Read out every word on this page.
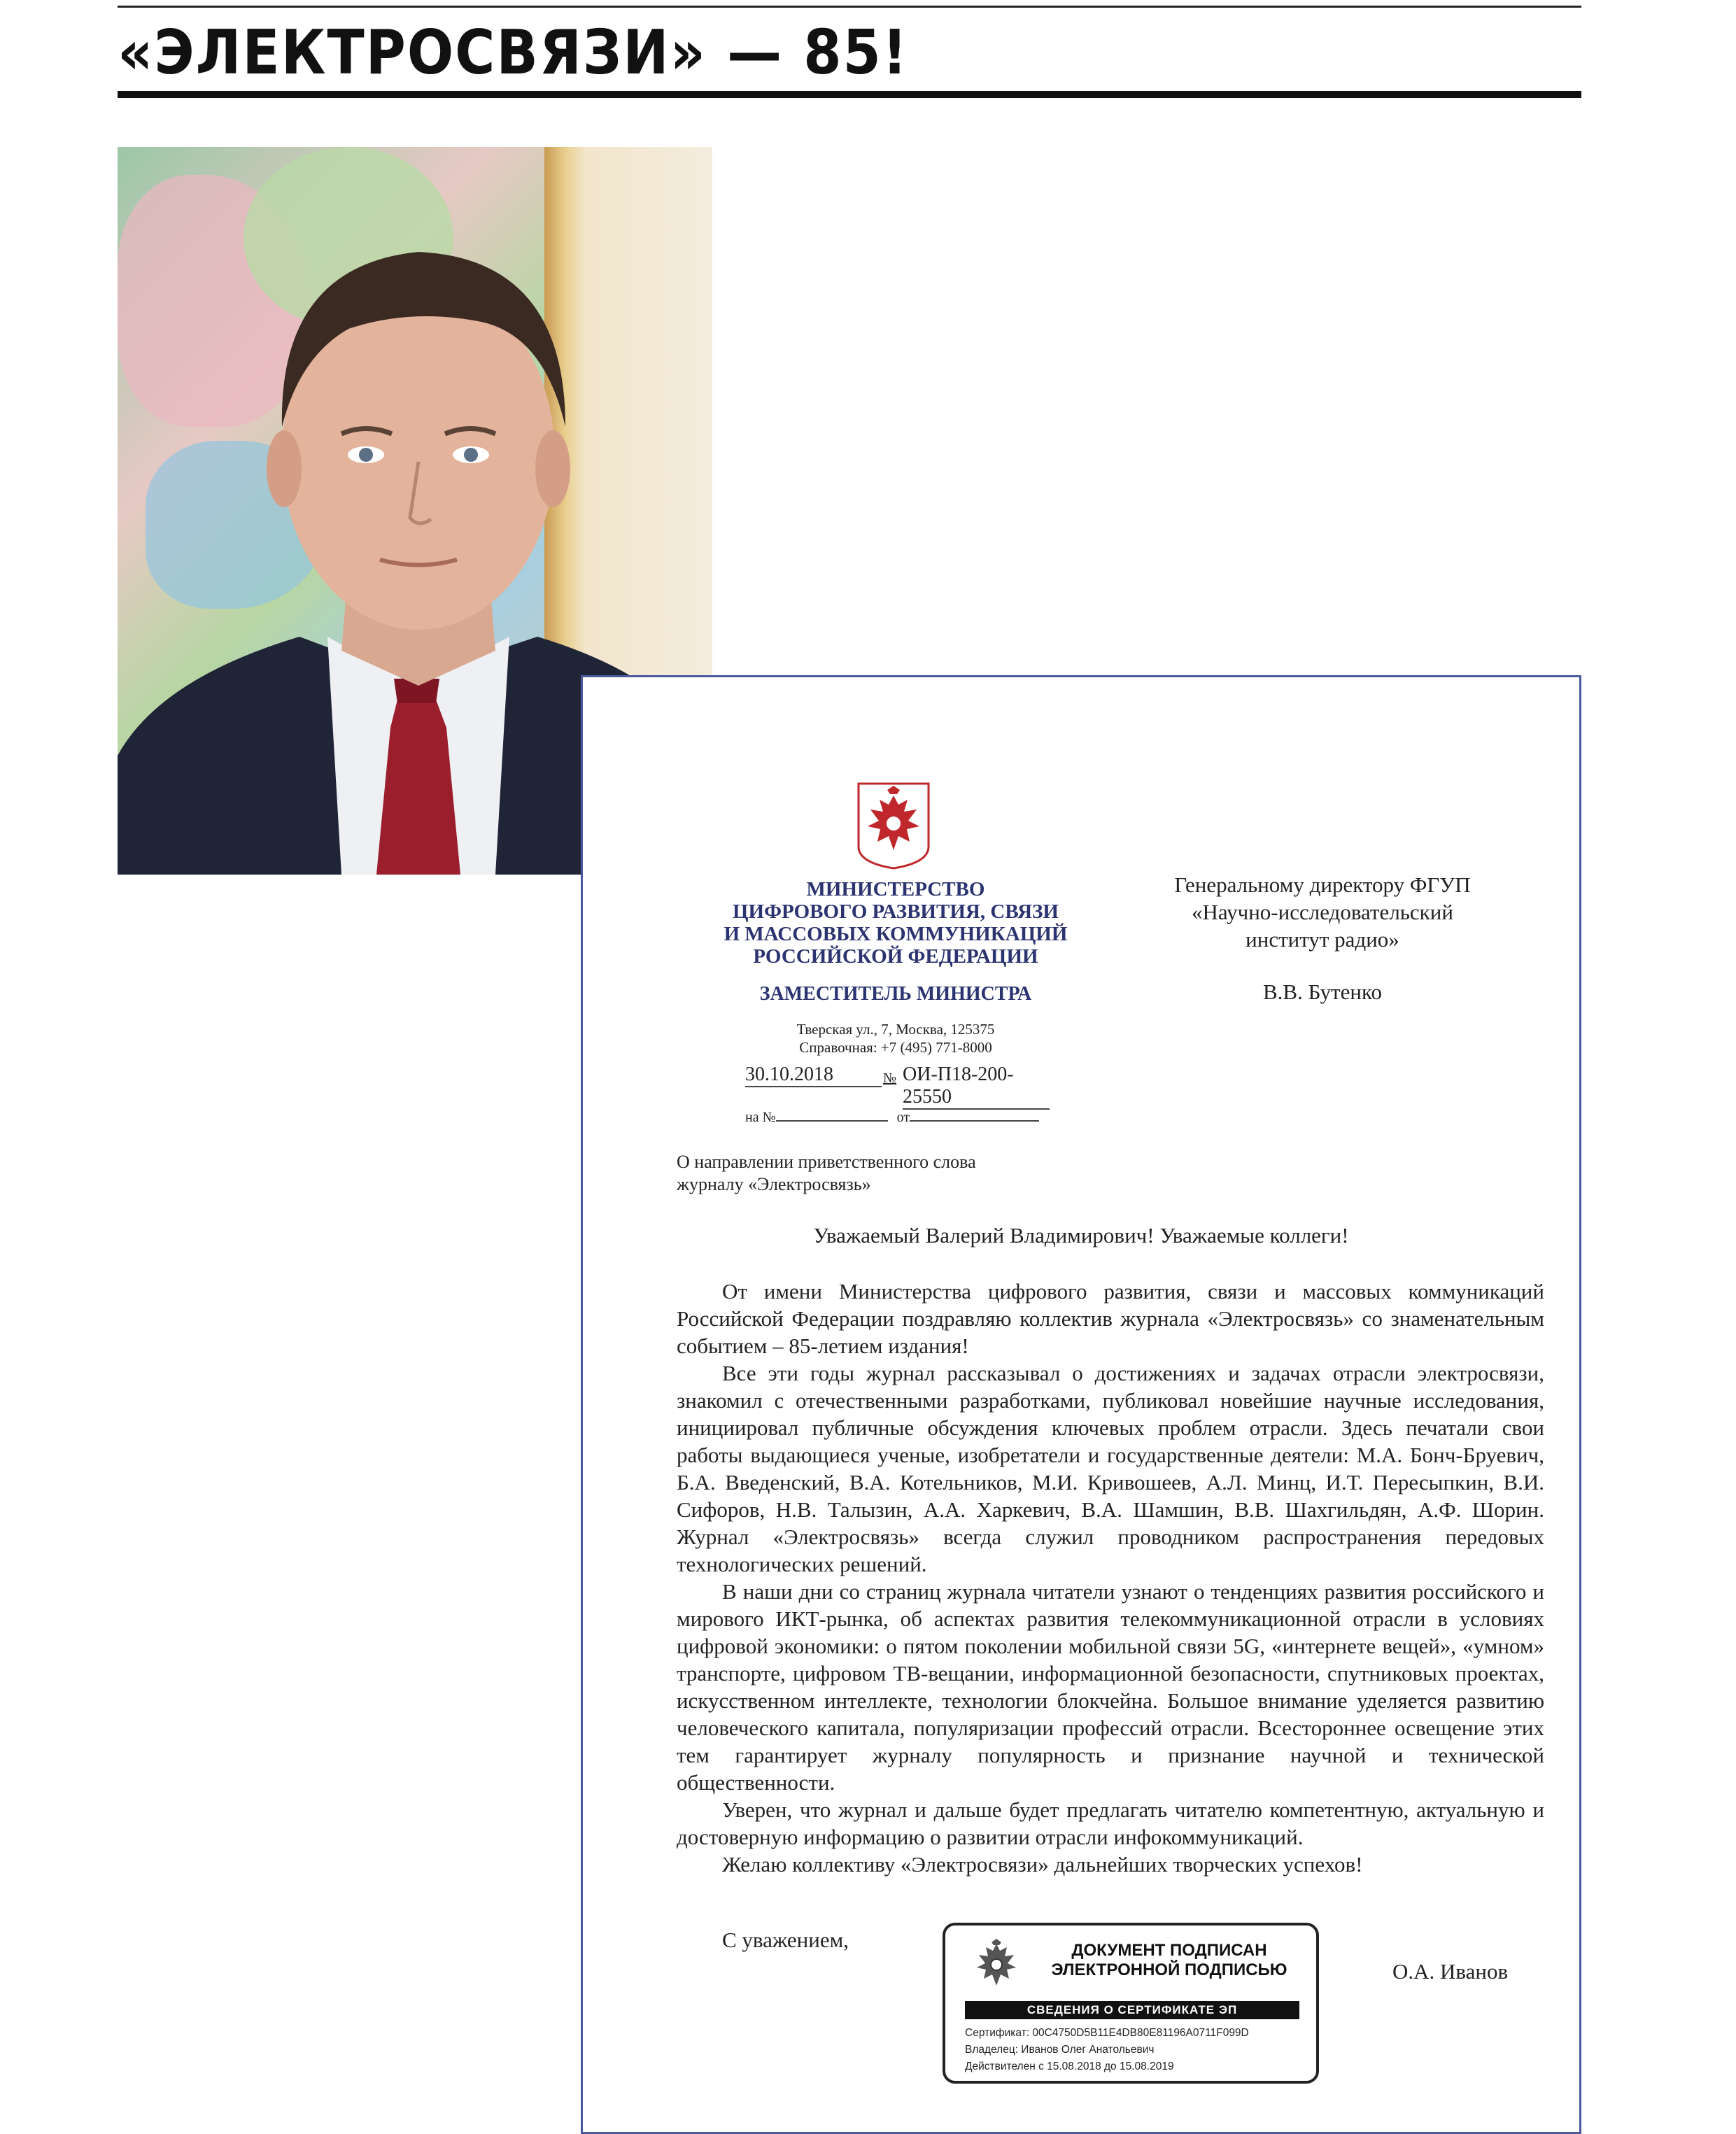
«ЭЛЕКТРОСВЯЗИ» — 85!
МИНИСТЕРСТВО
ЦИФРОВОГО РАЗВИТИЯ, СВЯЗИ
И МАССОВЫХ КОММУНИКАЦИЙ
РОССИЙСКОЙ ФЕДЕРАЦИИ
ЗАМЕСТИТЕЛЬ МИНИСТРА
Тверская ул., 7, Москва, 125375
Справочная: +7 (495) 771-8000
30.10.2018	№ ОИ-П18-200-25550
на №	от
Генеральному директору ФГУП
«Научно-исследовательский
институт радио»
В.В. Бутенко
О направлении приветственного слова
журналу «Электросвязь»
Уважаемый Валерий Владимирович! Уважаемые коллеги!

От имени Министерства цифрового развития, связи и массовых коммуникаций Российской Федерации поздравляю коллектив журнала «Электросвязь» со знаменательным событием – 85-летием издания!

Все эти годы журнал рассказывал о достижениях и задачах отрасли электросвязи, знакомил с отечественными разработками, публиковал новейшие научные исследования, инициировал публичные обсуждения ключевых проблем отрасли. Здесь печатали свои работы выдающиеся ученые, изобретатели и государственные деятели: М.А. Бонч-Бруевич, Б.А. Введенский, В.А. Котельников, М.И. Кривошеев, А.Л. Минц, И.Т. Пересыпкин, В.И. Сифоров, Н.В. Талызин, А.А. Харкевич, В.А. Шамшин, В.В. Шахгильдян, А.Ф. Шорин. Журнал «Электросвязь» всегда служил проводником распространения передовых технологических решений.

В наши дни со страниц журнала читатели узнают о тенденциях развития российского и мирового ИКТ-рынка, об аспектах развития телекоммуникационной отрасли в условиях цифровой экономики: о пятом поколении мобильной связи 5G, «интернете вещей», «умном» транспорте, цифровом ТВ-вещании, информационной безопасности, спутниковых проектах, искусственном интеллекте, технологии блокчейна. Большое внимание уделяется развитию человеческого капитала, популяризации профессий отрасли. Всестороннее освещение этих тем гарантирует журналу популярность и признание научной и технической общественности.

Уверен, что журнал и дальше будет предлагать читателю компетентную, актуальную и достоверную информацию о развитии отрасли инфокоммуникаций.

Желаю коллективу «Электросвязи» дальнейших творческих успехов!

С уважением,
О.А. Иванов
ДОКУМЕНТ ПОДПИСАН
ЭЛЕКТРОННОЙ ПОДПИСЬЮ
СВЕДЕНИЯ О СЕРТИФИКАТЕ ЭП
Сертификат: 00C4750D5B11E4DB80E81196A0711F099D
Владелец: Иванов Олег Анатольевич
Действителен с 15.08.2018 до 15.08.2019
